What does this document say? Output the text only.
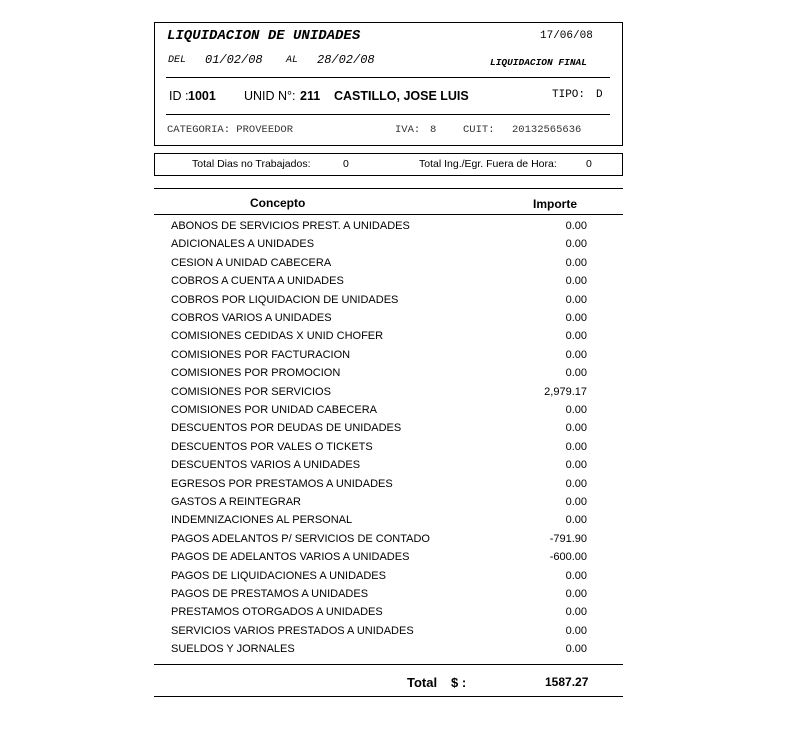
LIQUIDACION DE UNIDADES	17/06/08
DEL 01/02/08 AL 28/02/08	LIQUIDACION FINAL
ID : 1001 UNID N°: 211 CASTILLO, JOSE LUIS	TIPO: D
CATEGORIA: PROVEEDOR	IVA: 8	CUIT: 20132565636
Total Dias no Trabajados:	0	Total Ing./Egr. Fuera de Hora:	0
Concepto	Importe
ABONOS DE SERVICIOS PREST. A UNIDADES	0.00
ADICIONALES A UNIDADES	0.00
CESION A UNIDAD CABECERA	0.00
COBROS A CUENTA A UNIDADES	0.00
COBROS POR LIQUIDACION DE UNIDADES	0.00
COBROS VARIOS A UNIDADES	0.00
COMISIONES CEDIDAS X UNID CHOFER	0.00
COMISIONES POR FACTURACION	0.00
COMISIONES POR PROMOCION	0.00
COMISIONES POR SERVICIOS	2,979.17
COMISIONES POR UNIDAD CABECERA	0.00
DESCUENTOS POR DEUDAS DE UNIDADES	0.00
DESCUENTOS POR VALES O TICKETS	0.00
DESCUENTOS VARIOS A UNIDADES	0.00
EGRESOS POR PRESTAMOS A UNIDADES	0.00
GASTOS A REINTEGRAR	0.00
INDEMNIZACIONES AL PERSONAL	0.00
PAGOS ADELANTOS P/ SERVICIOS DE CONTADO	-791.90
PAGOS DE ADELANTOS VARIOS A UNIDADES	-600.00
PAGOS DE LIQUIDACIONES A UNIDADES	0.00
PAGOS DE PRESTAMOS A UNIDADES	0.00
PRESTAMOS OTORGADOS A UNIDADES	0.00
SERVICIOS VARIOS PRESTADOS A UNIDADES	0.00
SUELDOS Y JORNALES	0.00
Total $ :	1587.27
